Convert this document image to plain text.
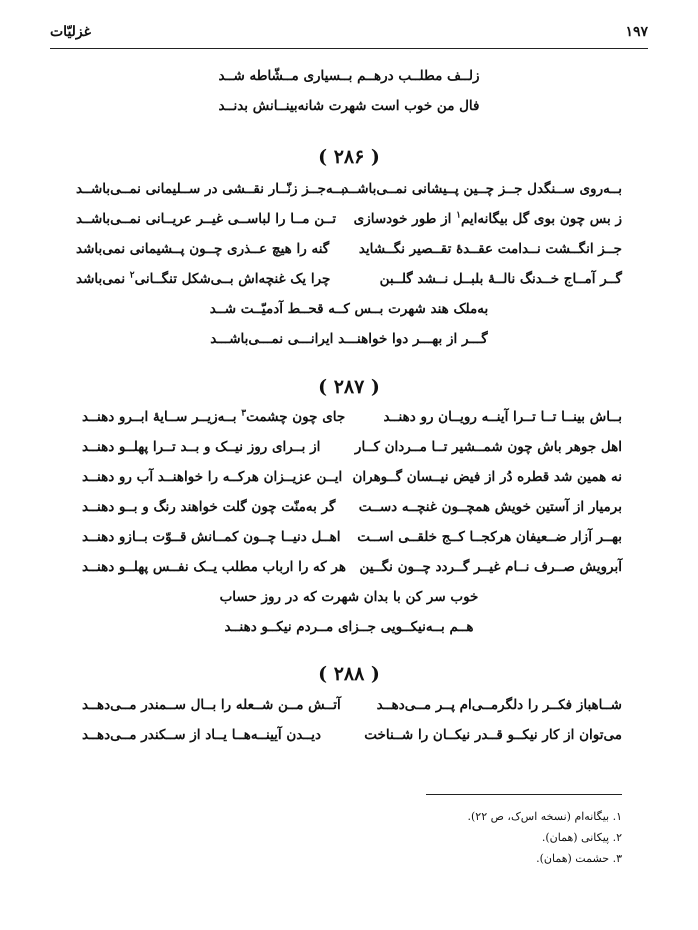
۱۹۷
غزلیّات
زلــف مطلــب درهــم بــسیاری مــشّاطه شــد
فال من خوب است شهرت شانه‌بینــانش بدنــد
( ۲۸۶ )
بــه‌روی ســنگدل جــز چــین پــیشانی نمــی‌باشــد
بــه‌جــز زنّــار نقــشی در ســلیمانی نمــی‌باشــد
ز بس چون بوی گل بیگانه‌ایم$^۱$ از طور خودسازی
تــن مــا را لباســی غیــر عریــانی نمــی‌باشــد
جــز انگــشت نــدامت عقــدهٔ تقــصیر نگــشاید
گنه را هیچ عــذری چــون پــشیمانی نمی‌باشد
گــر آمــاج خــدنگ نالــهٔ بلبــل نــشد گلــبن
چرا یک غنچه‌اش بــی‌شکل تنگــانی$^۲$ نمی‌باشد
به‌ملک هند شهرت بــس کــه قحــط آدمیّــت شــد
گـــر از بهـــر دوا خواهنـــد ایرانـــی نمـــی‌باشـــد
( ۲۸۷ )
بــاش بینــا تــا تــرا آینــه رویــان رو دهنــد
جای چون چشمت$^۳$ بــه‌زیــر ســایهٔ ابــرو دهنــد
اهل جوهر باش چون شمــشیر تــا مــردان کــار
از بــرای روز نیــک و بــد تــرا پهلــو دهنــد
نه همین شد قطره دُر از فیض نیــسان گــوهران
ایــن عزیــزان هرکــه را خواهنــد آب رو دهنــد
برمیار از آستین خویش همچــون غنچــه دســت
گر به‌منّت چون گلت خواهند رنگ و بــو دهنــد
بهــر آزار ضــعیفان هرکجــا کــج خلقــی اســت
اهــل دنیــا چــون کمــانش قــوّت بــازو دهنــد
آبرویش صــرف نــام غیــر گــردد چــون نگــین
هر که را ارباب مطلب یــک نفــس پهلــو دهنــد
خوب سر کن با بدان شهرت که در روز حساب
هــم بــه‌نیکــویی جــزای مــردم نیکــو دهنــد
( ۲۸۸ )
شــاهباز فکــر را دلگرمــی‌ام پــر مــی‌دهــد
آتــش مــن شــعله را بــال ســمندر مــی‌دهــد
می‌توان از کار نیکــو قــدر نیکــان را شــناخت
دیــدن آیینــه‌هــا یــاد از ســکندر مــی‌دهــد
۱. بیگانه‌ام (نسخه اس‌ک، ص ۲۲).
۲. پیکانی (همان).
۳. حشمت (همان).
